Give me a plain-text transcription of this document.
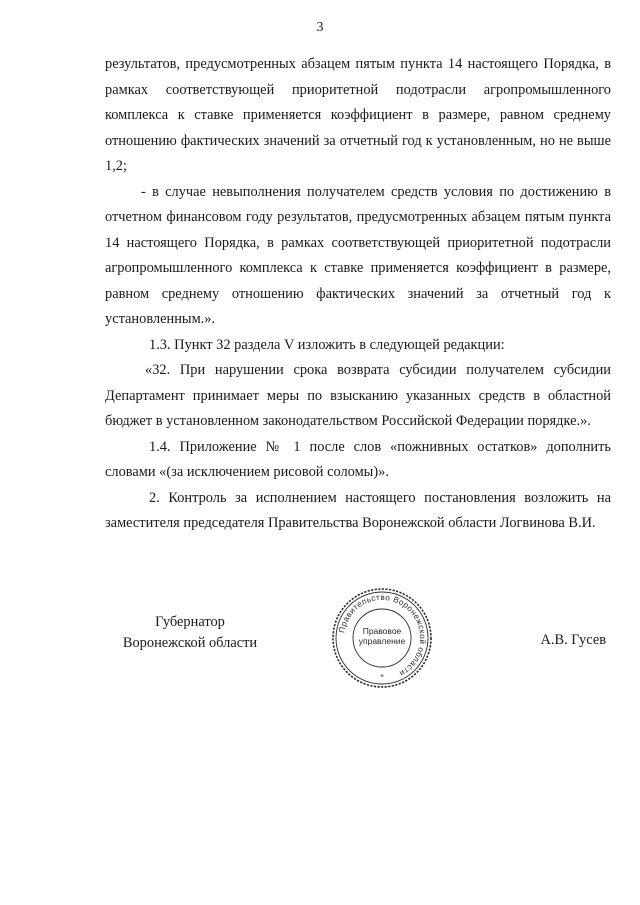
3

результатов, предусмотренных абзацем пятым пункта 14 настоящего Порядка, в рамках соответствующей приоритетной подотрасли агропромышленного комплекса к ставке применяется коэффициент в размере, равном среднему отношению фактических значений за отчетный год к установленным, но не выше 1,2;

- в случае невыполнения получателем средств условия по достижению в отчетном финансовом году результатов, предусмотренных абзацем пятым пункта 14 настоящего Порядка, в рамках соответствующей приоритетной подотрасли агропромышленного комплекса к ставке применяется коэффициент в размере, равном среднему отношению фактических значений за отчетный год к установленным.».

1.3. Пункт 32 раздела V изложить в следующей редакции:

«32. При нарушении срока возврата субсидии получателем субсидии Департамент принимает меры по взысканию указанных средств в областной бюджет в установленном законодательством Российской Федерации порядке.».

1.4. Приложение № 1 после слов «пожнивных остатков» дополнить словами «(за исключением рисовой соломы)».

2. Контроль за исполнением настоящего постановления возложить на заместителя председателя Правительства Воронежской области Логвинова В.И.

Губернатор
Воронежской области
Правительство Воронежской области
*
Правовое
управление	А.В. Гусев
